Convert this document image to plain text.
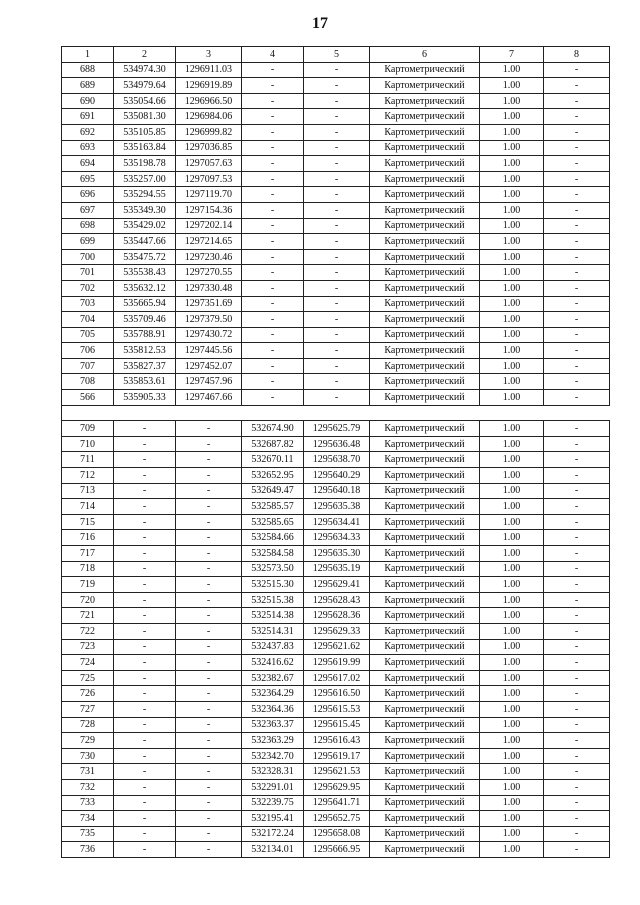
17
1	2	3	4	5	6	7	8
688	534974.30	1296911.03	-	-	Картометрический	1.00	-
689	534979.64	1296919.89	-	-	Картометрический	1.00	-
690	535054.66	1296966.50	-	-	Картометрический	1.00	-
691	535081.30	1296984.06	-	-	Картометрический	1.00	-
692	535105.85	1296999.82	-	-	Картометрический	1.00	-
693	535163.84	1297036.85	-	-	Картометрический	1.00	-
694	535198.78	1297057.63	-	-	Картометрический	1.00	-
695	535257.00	1297097.53	-	-	Картометрический	1.00	-
696	535294.55	1297119.70	-	-	Картометрический	1.00	-
697	535349.30	1297154.36	-	-	Картометрический	1.00	-
698	535429.02	1297202.14	-	-	Картометрический	1.00	-
699	535447.66	1297214.65	-	-	Картометрический	1.00	-
700	535475.72	1297230.46	-	-	Картометрический	1.00	-
701	535538.43	1297270.55	-	-	Картометрический	1.00	-
702	535632.12	1297330.48	-	-	Картометрический	1.00	-
703	535665.94	1297351.69	-	-	Картометрический	1.00	-
704	535709.46	1297379.50	-	-	Картометрический	1.00	-
705	535788.91	1297430.72	-	-	Картометрический	1.00	-
706	535812.53	1297445.56	-	-	Картометрический	1.00	-
707	535827.37	1297452.07	-	-	Картометрический	1.00	-
708	535853.61	1297457.96	-	-	Картометрический	1.00	-
566	535905.33	1297467.66	-	-	Картометрический	1.00	-

709	-	-	532674.90	1295625.79	Картометрический	1.00	-
710	-	-	532687.82	1295636.48	Картометрический	1.00	-
711	-	-	532670.11	1295638.70	Картометрический	1.00	-
712	-	-	532652.95	1295640.29	Картометрический	1.00	-
713	-	-	532649.47	1295640.18	Картометрический	1.00	-
714	-	-	532585.57	1295635.38	Картометрический	1.00	-
715	-	-	532585.65	1295634.41	Картометрический	1.00	-
716	-	-	532584.66	1295634.33	Картометрический	1.00	-
717	-	-	532584.58	1295635.30	Картометрический	1.00	-
718	-	-	532573.50	1295635.19	Картометрический	1.00	-
719	-	-	532515.30	1295629.41	Картометрический	1.00	-
720	-	-	532515.38	1295628.43	Картометрический	1.00	-
721	-	-	532514.38	1295628.36	Картометрический	1.00	-
722	-	-	532514.31	1295629.33	Картометрический	1.00	-
723	-	-	532437.83	1295621.62	Картометрический	1.00	-
724	-	-	532416.62	1295619.99	Картометрический	1.00	-
725	-	-	532382.67	1295617.02	Картометрический	1.00	-
726	-	-	532364.29	1295616.50	Картометрический	1.00	-
727	-	-	532364.36	1295615.53	Картометрический	1.00	-
728	-	-	532363.37	1295615.45	Картометрический	1.00	-
729	-	-	532363.29	1295616.43	Картометрический	1.00	-
730	-	-	532342.70	1295619.17	Картометрический	1.00	-
731	-	-	532328.31	1295621.53	Картометрический	1.00	-
732	-	-	532291.01	1295629.95	Картометрический	1.00	-
733	-	-	532239.75	1295641.71	Картометрический	1.00	-
734	-	-	532195.41	1295652.75	Картометрический	1.00	-
735	-	-	532172.24	1295658.08	Картометрический	1.00	-
736	-	-	532134.01	1295666.95	Картометрический	1.00	-
